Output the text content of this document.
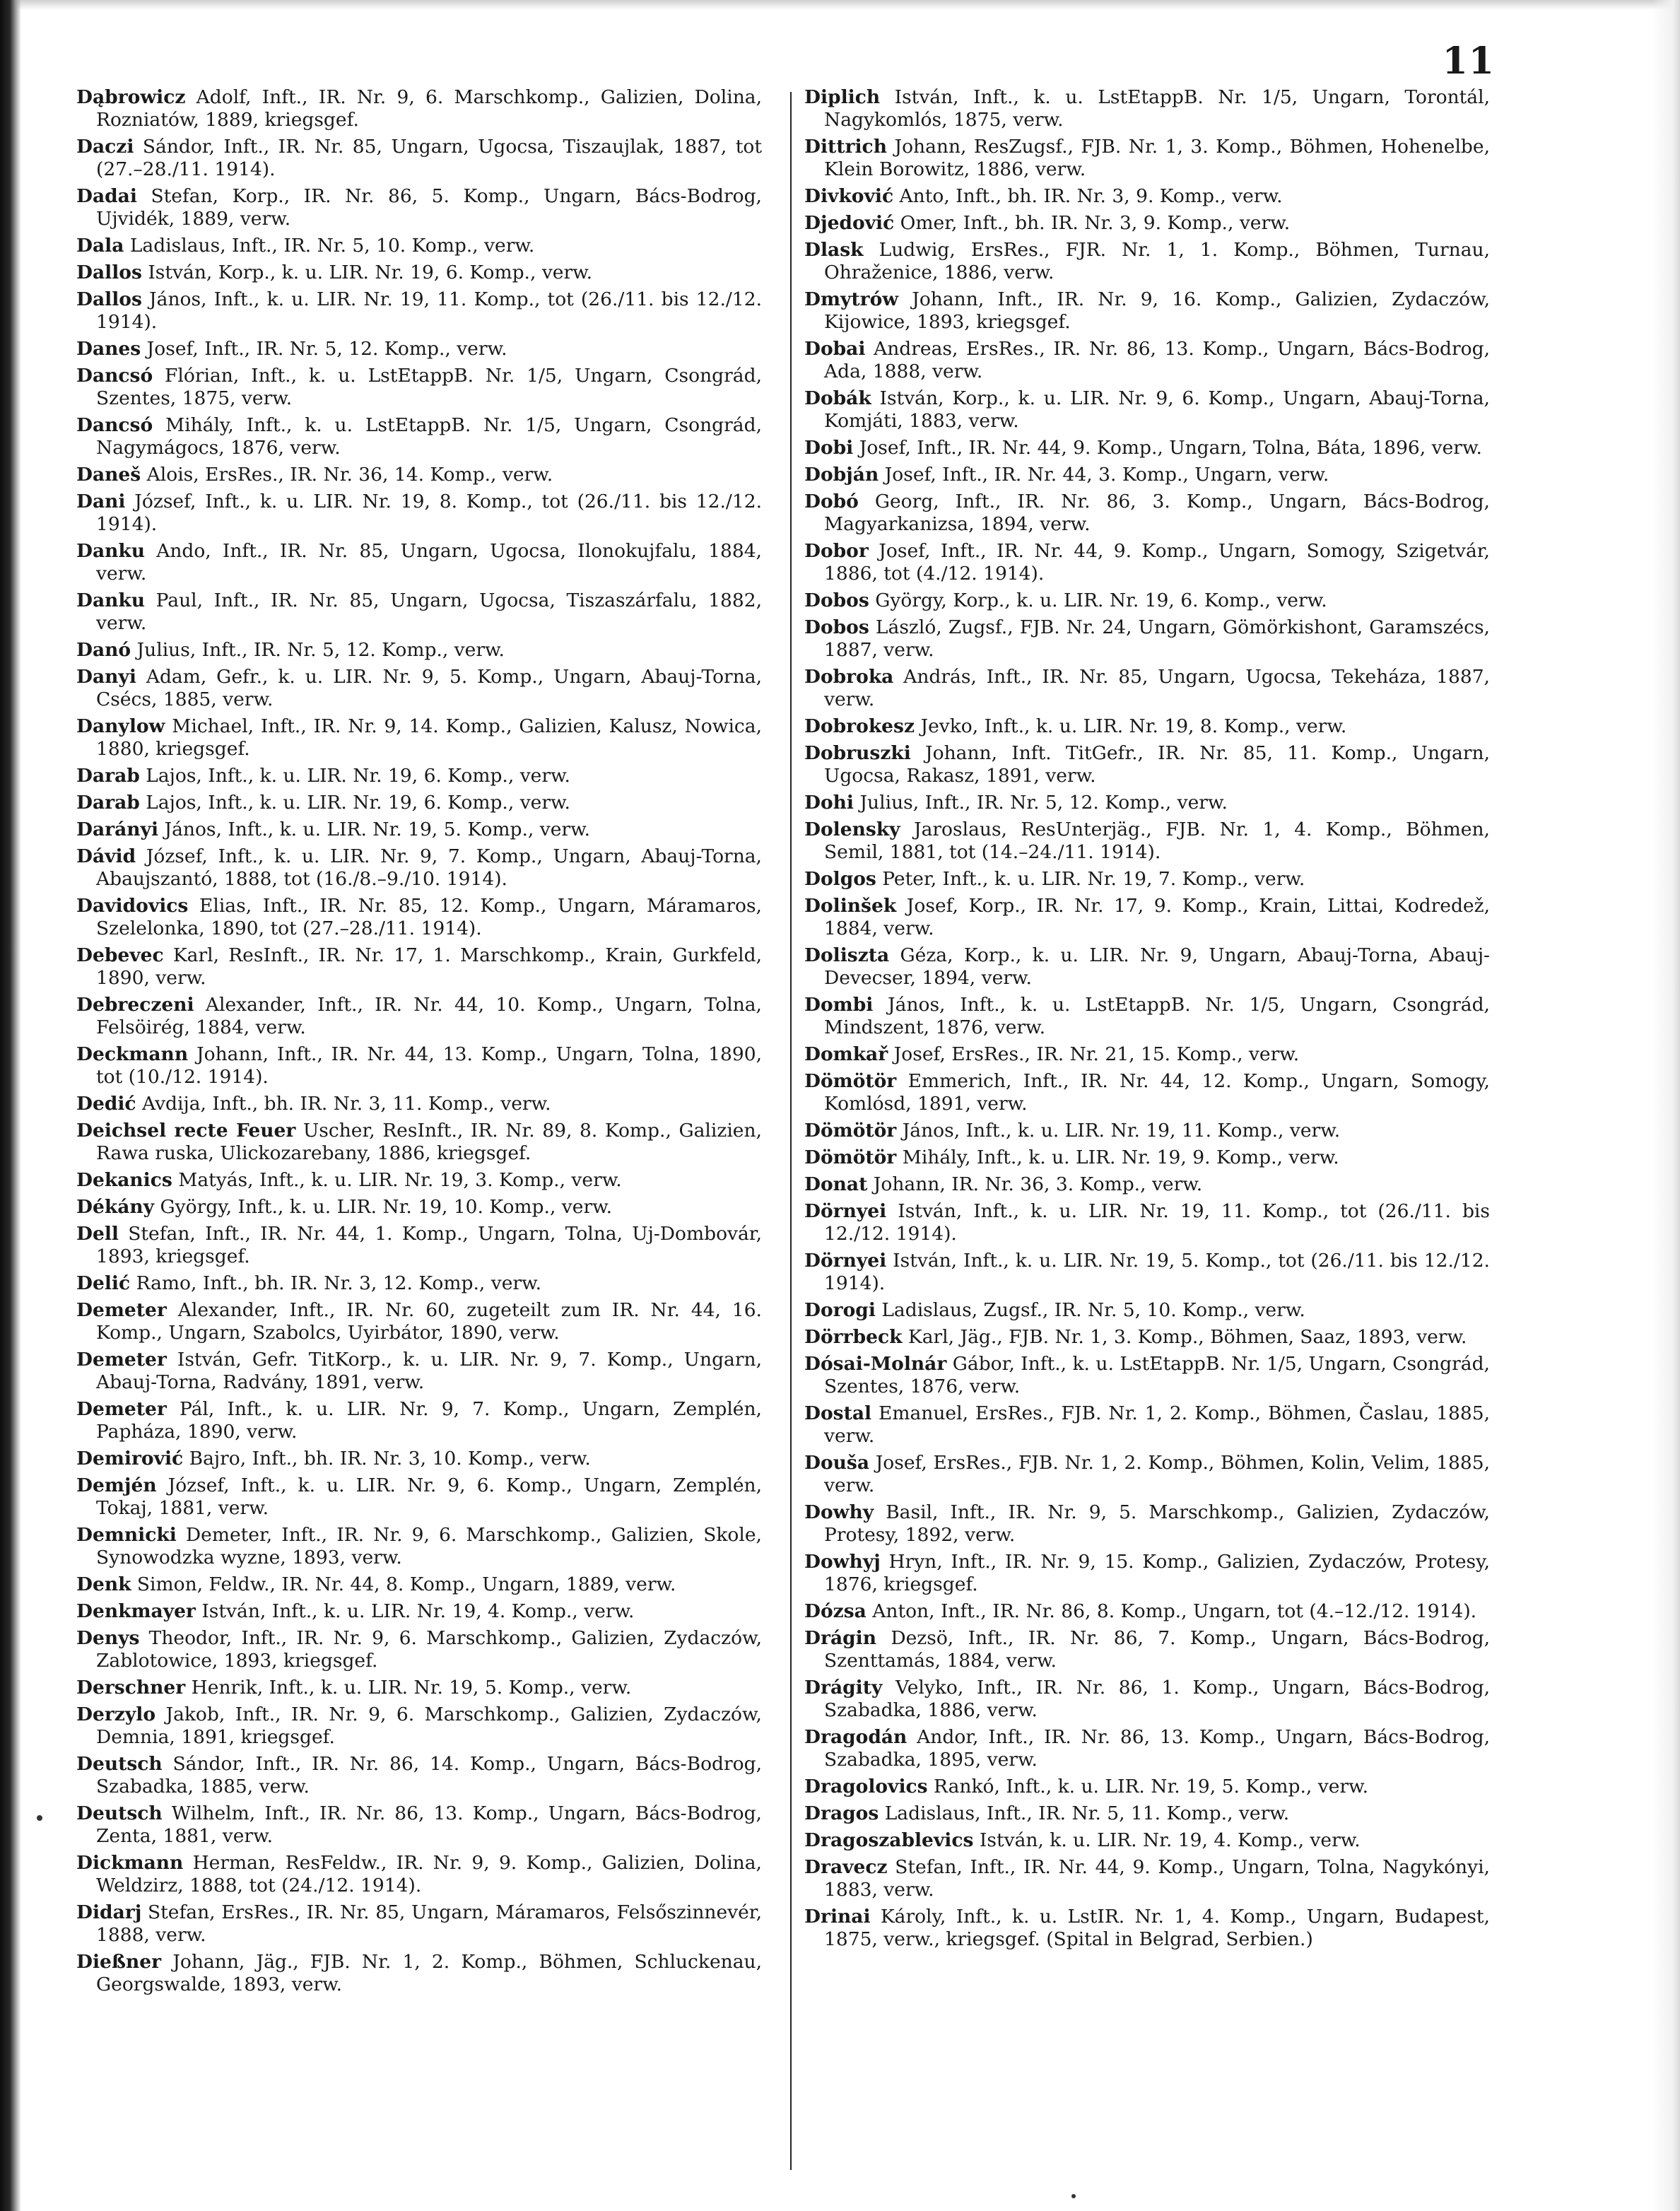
11
Dąbrowicz Adolf, Inft., IR. Nr. 9, 6. Marschkomp., Galizien, Dolina, Rozniatów, 1889, kriegsgef.
Daczi Sándor, Inft., IR. Nr. 85, Ungarn, Ugocsa, Tiszaujlak, 1887, tot (27.–28./11. 1914).
Dadai Stefan, Korp., IR. Nr. 86, 5. Komp., Ungarn, Bács-Bodrog, Ujvidék, 1889, verw.
Dala Ladislaus, Inft., IR. Nr. 5, 10. Komp., verw.
Dallos István, Korp., k. u. LIR. Nr. 19, 6. Komp., verw.
Dallos János, Inft., k. u. LIR. Nr. 19, 11. Komp., tot (26./11. bis 12./12. 1914).
Danes Josef, Inft., IR. Nr. 5, 12. Komp., verw.
Dancsó Flórian, Inft., k. u. LstEtappB. Nr. 1/5, Ungarn, Csongrád, Szentes, 1875, verw.
Dancsó Mihály, Inft., k. u. LstEtappB. Nr. 1/5, Ungarn, Csongrád, Nagymágocs, 1876, verw.
Daneš Alois, ErsRes., IR. Nr. 36, 14. Komp., verw.
Dani József, Inft., k. u. LIR. Nr. 19, 8. Komp., tot (26./11. bis 12./12. 1914).
Danku Ando, Inft., IR. Nr. 85, Ungarn, Ugocsa, Ilonokujfalu, 1884, verw.
Danku Paul, Inft., IR. Nr. 85, Ungarn, Ugocsa, Tiszaszárfalu, 1882, verw.
Danó Julius, Inft., IR. Nr. 5, 12. Komp., verw.
Danyi Adam, Gefr., k. u. LIR. Nr. 9, 5. Komp., Ungarn, Abauj-Torna, Csécs, 1885, verw.
Danylow Michael, Inft., IR. Nr. 9, 14. Komp., Galizien, Kalusz, Nowica, 1880, kriegsgef.
Darab Lajos, Inft., k. u. LIR. Nr. 19, 6. Komp., verw.
Darab Lajos, Inft., k. u. LIR. Nr. 19, 6. Komp., verw.
Darányi János, Inft., k. u. LIR. Nr. 19, 5. Komp., verw.
Dávid József, Inft., k. u. LIR. Nr. 9, 7. Komp., Ungarn, Abauj-Torna, Abaujszantó, 1888, tot (16./8.–9./10. 1914).
Davidovics Elias, Inft., IR. Nr. 85, 12. Komp., Ungarn, Máramaros, Szelelonka, 1890, tot (27.–28./11. 1914).
Debevec Karl, ResInft., IR. Nr. 17, 1. Marschkomp., Krain, Gurkfeld, 1890, verw.
Debreczeni Alexander, Inft., IR. Nr. 44, 10. Komp., Ungarn, Tolna, Felsöirég, 1884, verw.
Deckmann Johann, Inft., IR. Nr. 44, 13. Komp., Ungarn, Tolna, 1890, tot (10./12. 1914).
Dedić Avdija, Inft., bh. IR. Nr. 3, 11. Komp., verw.
Deichsel recte Feuer Uscher, ResInft., IR. Nr. 89, 8. Komp., Galizien, Rawa ruska, Ulickozarebany, 1886, kriegsgef.
Dekanics Matyás, Inft., k. u. LIR. Nr. 19, 3. Komp., verw.
Dékány György, Inft., k. u. LIR. Nr. 19, 10. Komp., verw.
Dell Stefan, Inft., IR. Nr. 44, 1. Komp., Ungarn, Tolna, Uj-Dombovár, 1893, kriegsgef.
Delić Ramo, Inft., bh. IR. Nr. 3, 12. Komp., verw.
Demeter Alexander, Inft., IR. Nr. 60, zugeteilt zum IR. Nr. 44, 16. Komp., Ungarn, Szabolcs, Uyirbátor, 1890, verw.
Demeter István, Gefr. TitKorp., k. u. LIR. Nr. 9, 7. Komp., Ungarn, Abauj-Torna, Radvány, 1891, verw.
Demeter Pál, Inft., k. u. LIR. Nr. 9, 7. Komp., Ungarn, Zemplén, Papháza, 1890, verw.
Demirović Bajro, Inft., bh. IR. Nr. 3, 10. Komp., verw.
Demjén József, Inft., k. u. LIR. Nr. 9, 6. Komp., Ungarn, Zemplén, Tokaj, 1881, verw.
Demnicki Demeter, Inft., IR. Nr. 9, 6. Marschkomp., Galizien, Skole, Synowodzka wyzne, 1893, verw.
Denk Simon, Feldw., IR. Nr. 44, 8. Komp., Ungarn, 1889, verw.
Denkmayer István, Inft., k. u. LIR. Nr. 19, 4. Komp., verw.
Denys Theodor, Inft., IR. Nr. 9, 6. Marschkomp., Galizien, Zydaczów, Zablotowice, 1893, kriegsgef.
Derschner Henrik, Inft., k. u. LIR. Nr. 19, 5. Komp., verw.
Derzylo Jakob, Inft., IR. Nr. 9, 6. Marschkomp., Galizien, Zydaczów, Demnia, 1891, kriegsgef.
Deutsch Sándor, Inft., IR. Nr. 86, 14. Komp., Ungarn, Bács-Bodrog, Szabadka, 1885, verw.
Deutsch Wilhelm, Inft., IR. Nr. 86, 13. Komp., Ungarn, Bács-Bodrog, Zenta, 1881, verw.
Dickmann Herman, ResFeldw., IR. Nr. 9, 9. Komp., Galizien, Dolina, Weldzirz, 1888, tot (24./12. 1914).
Didarj Stefan, ErsRes., IR. Nr. 85, Ungarn, Máramaros, Felsőszinnevér, 1888, verw.
Dießner Johann, Jäg., FJB. Nr. 1, 2. Komp., Böhmen, Schluckenau, Georgswalde, 1893, verw.
Diplich István, Inft., k. u. LstEtappB. Nr. 1/5, Ungarn, Torontál, Nagykomlós, 1875, verw.
Dittrich Johann, ResZugsf., FJB. Nr. 1, 3. Komp., Böhmen, Hohenelbe, Klein Borowitz, 1886, verw.
Divković Anto, Inft., bh. IR. Nr. 3, 9. Komp., verw.
Djedović Omer, Inft., bh. IR. Nr. 3, 9. Komp., verw.
Dlask Ludwig, ErsRes., FJR. Nr. 1, 1. Komp., Böhmen, Turnau, Ohraženice, 1886, verw.
Dmytrów Johann, Inft., IR. Nr. 9, 16. Komp., Galizien, Zydaczów, Kijowice, 1893, kriegsgef.
Dobai Andreas, ErsRes., IR. Nr. 86, 13. Komp., Ungarn, Bács-Bodrog, Ada, 1888, verw.
Dobák István, Korp., k. u. LIR. Nr. 9, 6. Komp., Ungarn, Abauj-Torna, Komjáti, 1883, verw.
Dobi Josef, Inft., IR. Nr. 44, 9. Komp., Ungarn, Tolna, Báta, 1896, verw.
Dobján Josef, Inft., IR. Nr. 44, 3. Komp., Ungarn, verw.
Dobó Georg, Inft., IR. Nr. 86, 3. Komp., Ungarn, Bács-Bodrog, Magyarkanizsa, 1894, verw.
Dobor Josef, Inft., IR. Nr. 44, 9. Komp., Ungarn, Somogy, Szigetvár, 1886, tot (4./12. 1914).
Dobos György, Korp., k. u. LIR. Nr. 19, 6. Komp., verw.
Dobos László, Zugsf., FJB. Nr. 24, Ungarn, Gömörkishont, Garamszécs, 1887, verw.
Dobroka András, Inft., IR. Nr. 85, Ungarn, Ugocsa, Tekeháza, 1887, verw.
Dobrokesz Jevko, Inft., k. u. LIR. Nr. 19, 8. Komp., verw.
Dobruszki Johann, Inft. TitGefr., IR. Nr. 85, 11. Komp., Ungarn, Ugocsa, Rakasz, 1891, verw.
Dohi Julius, Inft., IR. Nr. 5, 12. Komp., verw.
Dolensky Jaroslaus, ResUnterjäg., FJB. Nr. 1, 4. Komp., Böhmen, Semil, 1881, tot (14.–24./11. 1914).
Dolgos Peter, Inft., k. u. LIR. Nr. 19, 7. Komp., verw.
Dolinšek Josef, Korp., IR. Nr. 17, 9. Komp., Krain, Littai, Kodredež, 1884, verw.
Doliszta Géza, Korp., k. u. LIR. Nr. 9, Ungarn, Abauj-Torna, Abauj-Devecser, 1894, verw.
Dombi János, Inft., k. u. LstEtappB. Nr. 1/5, Ungarn, Csongrád, Mindszent, 1876, verw.
Domkař Josef, ErsRes., IR. Nr. 21, 15. Komp., verw.
Dömötör Emmerich, Inft., IR. Nr. 44, 12. Komp., Ungarn, Somogy, Komlósd, 1891, verw.
Dömötör János, Inft., k. u. LIR. Nr. 19, 11. Komp., verw.
Dömötör Mihály, Inft., k. u. LIR. Nr. 19, 9. Komp., verw.
Donat Johann, IR. Nr. 36, 3. Komp., verw.
Dörnyei István, Inft., k. u. LIR. Nr. 19, 11. Komp., tot (26./11. bis 12./12. 1914).
Dörnyei István, Inft., k. u. LIR. Nr. 19, 5. Komp., tot (26./11. bis 12./12. 1914).
Dorogi Ladislaus, Zugsf., IR. Nr. 5, 10. Komp., verw.
Dörrbeck Karl, Jäg., FJB. Nr. 1, 3. Komp., Böhmen, Saaz, 1893, verw.
Dósai-Molnár Gábor, Inft., k. u. LstEtappB. Nr. 1/5, Ungarn, Csongrád, Szentes, 1876, verw.
Dostal Emanuel, ErsRes., FJB. Nr. 1, 2. Komp., Böhmen, Časlau, 1885, verw.
Douša Josef, ErsRes., FJB. Nr. 1, 2. Komp., Böhmen, Kolin, Velim, 1885, verw.
Dowhy Basil, Inft., IR. Nr. 9, 5. Marschkomp., Galizien, Zydaczów, Protesy, 1892, verw.
Dowhyj Hryn, Inft., IR. Nr. 9, 15. Komp., Galizien, Zydaczów, Protesy, 1876, kriegsgef.
Dózsa Anton, Inft., IR. Nr. 86, 8. Komp., Ungarn, tot (4.–12./12. 1914).
Drágin Dezsö, Inft., IR. Nr. 86, 7. Komp., Ungarn, Bács-Bodrog, Szenttamás, 1884, verw.
Drágity Velyko, Inft., IR. Nr. 86, 1. Komp., Ungarn, Bács-Bodrog, Szabadka, 1886, verw.
Dragodán Andor, Inft., IR. Nr. 86, 13. Komp., Ungarn, Bács-Bodrog, Szabadka, 1895, verw.
Dragolovics Rankó, Inft., k. u. LIR. Nr. 19, 5. Komp., verw.
Dragos Ladislaus, Inft., IR. Nr. 5, 11. Komp., verw.
Dragoszablevics István, k. u. LIR. Nr. 19, 4. Komp., verw.
Dravecz Stefan, Inft., IR. Nr. 44, 9. Komp., Ungarn, Tolna, Nagykónyi, 1883, verw.
Drinai Károly, Inft., k. u. LstIR. Nr. 1, 4. Komp., Ungarn, Budapest, 1875, verw., kriegsgef. (Spital in Belgrad, Serbien.)
